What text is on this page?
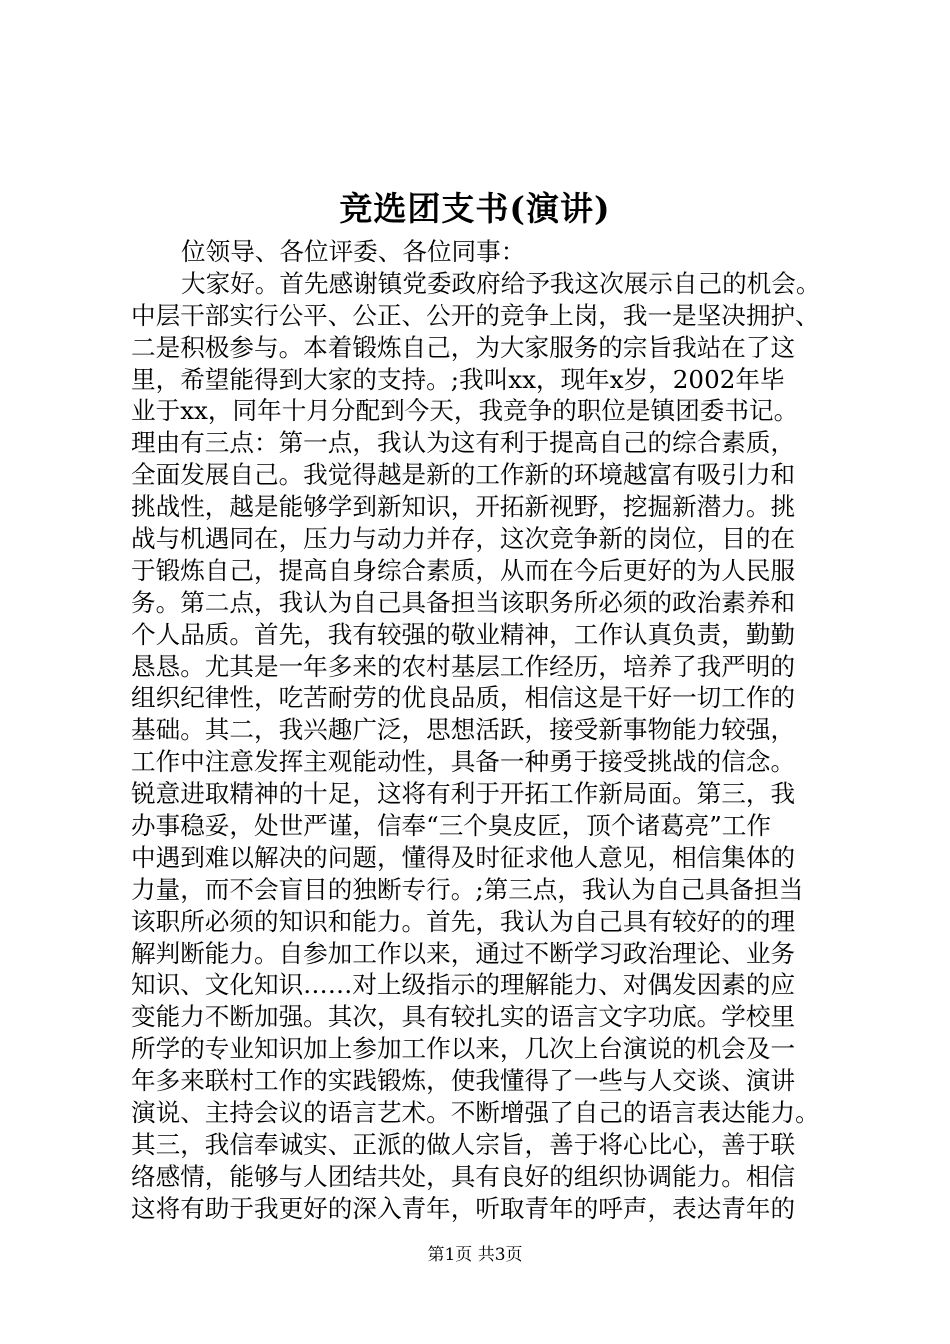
竞选团支书(演讲)
位领导、各位评委、各位同事：
大家好。首先感谢镇党委政府给予我这次展示自己的机会。
中层干部实行公平、公正、公开的竞争上岗，我一是坚决拥护、
二是积极参与。本着锻炼自己，为大家服务的宗旨我站在了这
里，希望能得到大家的支持。;我叫xx，现年x岁，2002年毕
业于xx，同年十月分配到今天，我竞争的职位是镇团委书记。
理由有三点：第一点，我认为这有利于提高自己的综合素质，
全面发展自己。我觉得越是新的工作新的环境越富有吸引力和
挑战性，越是能够学到新知识，开拓新视野，挖掘新潜力。挑
战与机遇同在，压力与动力并存，这次竞争新的岗位，目的在
于锻炼自己，提高自身综合素质，从而在今后更好的为人民服
务。第二点，我认为自己具备担当该职务所必须的政治素养和
个人品质。首先，我有较强的敬业精神，工作认真负责，勤勤
恳恳。尤其是一年多来的农村基层工作经历，培养了我严明的
组织纪律性，吃苦耐劳的优良品质，相信这是干好一切工作的
基础。其二，我兴趣广泛，思想活跃，接受新事物能力较强，
工作中注意发挥主观能动性，具备一种勇于接受挑战的信念。
锐意进取精神的十足，这将有利于开拓工作新局面。第三，我
办事稳妥，处世严谨，信奉“三个臭皮匠，顶个诸葛亮”工作
中遇到难以解决的问题，懂得及时征求他人意见，相信集体的
力量，而不会盲目的独断专行。;第三点，我认为自己具备担当
该职所必须的知识和能力。首先，我认为自己具有较好的的理
解判断能力。自参加工作以来，通过不断学习政治理论、业务
知识、文化知识……对上级指示的理解能力、对偶发因素的应
变能力不断加强。其次，具有较扎实的语言文字功底。学校里
所学的专业知识加上参加工作以来，几次上台演说的机会及一
年多来联村工作的实践锻炼，使我懂得了一些与人交谈、演讲
演说、主持会议的语言艺术。不断增强了自己的语言表达能力。
其三，我信奉诚实、正派的做人宗旨，善于将心比心，善于联
络感情，能够与人团结共处，具有良好的组织协调能力。相信
这将有助于我更好的深入青年，听取青年的呼声，表达青年的
第1页 共3页
